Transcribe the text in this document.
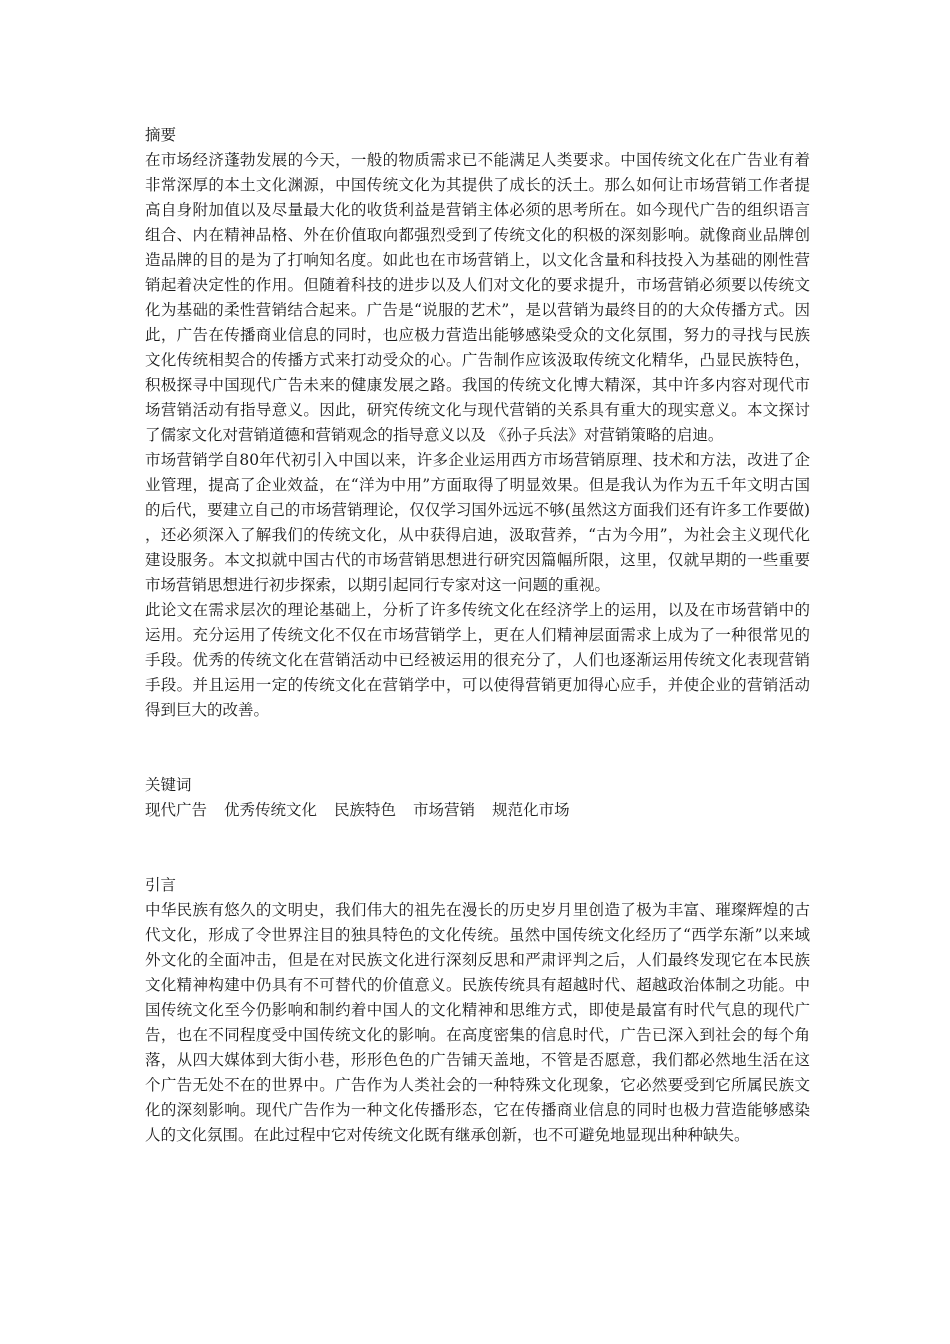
摘要

在市场经济蓬勃发展的今天，一般的物质需求已不能满足人类要求。中国传统文化在广告业有着非常深厚的本土文化渊源，中国传统文化为其提供了成长的沃土。那么如何让市场营销工作者提高自身附加值以及尽量最大化的收货利益是营销主体必须的思考所在。如今现代广告的组织语言组合、内在精神品格、外在价值取向都强烈受到了传统文化的积极的深刻影响。就像商业品牌创造品牌的目的是为了打响知名度。如此也在市场营销上，以文化含量和科技投入为基础的刚性营销起着决定性的作用。但随着科技的进步以及人们对文化的要求提升，市场营销必须要以传统文化为基础的柔性营销结合起来。广告是“说服的艺术”，是以营销为最终目的的大众传播方式。因此，广告在传播商业信息的同时，也应极力营造出能够感染受众的文化氛围，努力的寻找与民族文化传统相契合的传播方式来打动受众的心。广告制作应该汲取传统文化精华，凸显民族特色，积极探寻中国现代广告未来的健康发展之路。我国的传统文化博大精深，其中许多内容对现代市场营销活动有指导意义。因此，研究传统文化与现代营销的关系具有重大的现实意义。本文探讨了儒家文化对营销道德和营销观念的指导意义以及 《孙子兵法》对营销策略的启迪。

市场营销学自80年代初引入中国以来，许多企业运用西方市场营销原理、技术和方法，改进了企业管理，提高了企业效益，在“洋为中用”方面取得了明显效果。但是我认为作为五千年文明古国的后代，要建立自己的市场营销理论，仅仅学习国外远远不够(虽然这方面我们还有许多工作要做)，还必须深入了解我们的传统文化，从中获得启迪，汲取营养，“古为今用”，为社会主义现代化建设服务。本文拟就中国古代的市场营销思想进行研究因篇幅所限，这里，仅就早期的一些重要市场营销思想进行初步探索，以期引起同行专家对这一问题的重视。

此论文在需求层次的理论基础上，分析了许多传统文化在经济学上的运用，以及在市场营销中的运用。充分运用了传统文化不仅在市场营销学上，更在人们精神层面需求上成为了一种很常见的手段。优秀的传统文化在营销活动中已经被运用的很充分了，人们也逐渐运用传统文化表现营销手段。并且运用一定的传统文化在营销学中，可以使得营销更加得心应手，并使企业的营销活动得到巨大的改善。

关键词

现代广告 优秀传统文化 民族特色 市场营销 规范化市场

引言

中华民族有悠久的文明史，我们伟大的祖先在漫长的历史岁月里创造了极为丰富、璀璨辉煌的古代文化，形成了令世界注目的独具特色的文化传统。虽然中国传统文化经历了“西学东渐”以来域外文化的全面冲击，但是在对民族文化进行深刻反思和严肃评判之后，人们最终发现它在本民族文化精神构建中仍具有不可替代的价值意义。民族传统具有超越时代、超越政治体制之功能。中国传统文化至今仍影响和制约着中国人的文化精神和思维方式，即使是最富有时代气息的现代广告，也在不同程度受中国传统文化的影响。在高度密集的信息时代，广告已深入到社会的每个角落，从四大媒体到大街小巷，形形色色的广告铺天盖地，不管是否愿意，我们都必然地生活在这个广告无处不在的世界中。广告作为人类社会的一种特殊文化现象，它必然要受到它所属民族文化的深刻影响。现代广告作为一种文化传播形态，它在传播商业信息的同时也极力营造能够感染人的文化氛围。在此过程中它对传统文化既有继承创新，也不可避免地显现出种种缺失。
